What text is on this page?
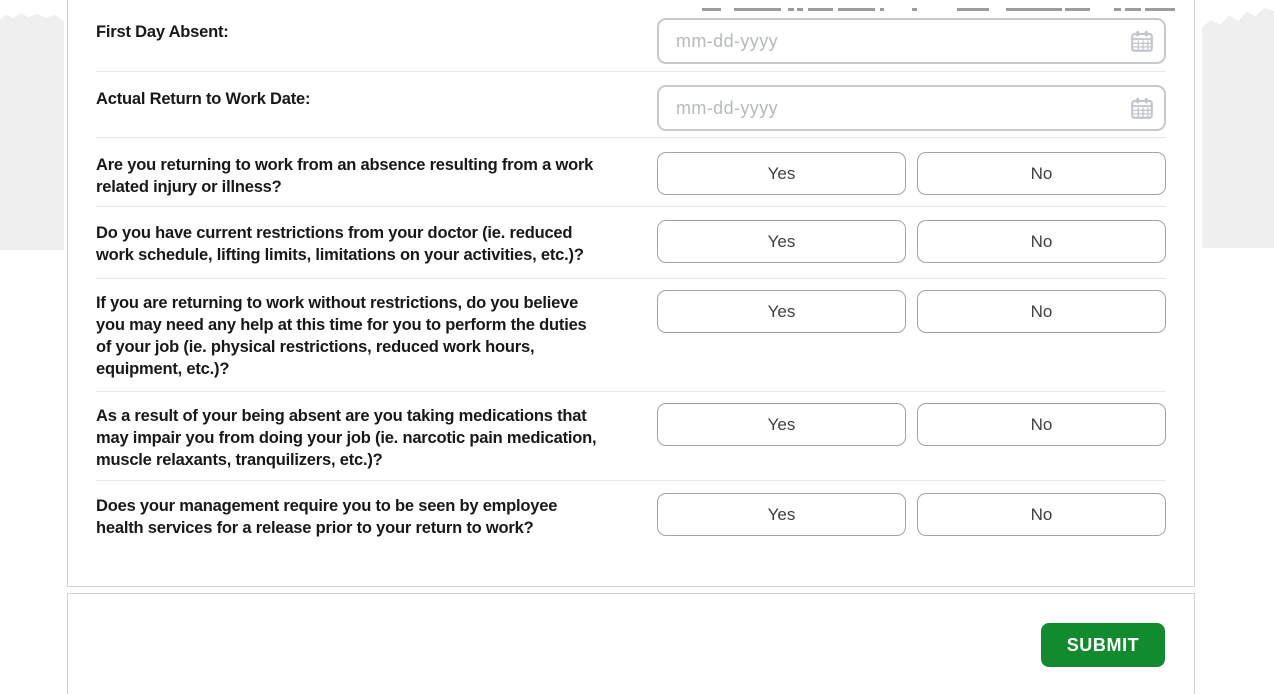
First Day Absent:
mm-dd-yyyy
Actual Return to Work Date:
mm-dd-yyyy
Are you returning to work from an absence resulting from a work related injury or illness?
Yes	No
Do you have current restrictions from your doctor (ie. reduced work schedule, lifting limits, limitations on your activities, etc.)?
Yes	No
If you are returning to work without restrictions, do you believe you may need any help at this time for you to perform the duties of your job (ie. physical restrictions, reduced work hours, equipment, etc.)?
Yes	No
As a result of your being absent are you taking medications that may impair you from doing your job (ie. narcotic pain medication, muscle relaxants, tranquilizers, etc.)?
Yes	No
Does your management require you to be seen by employee health services for a release prior to your return to work?
Yes	No
SUBMIT
